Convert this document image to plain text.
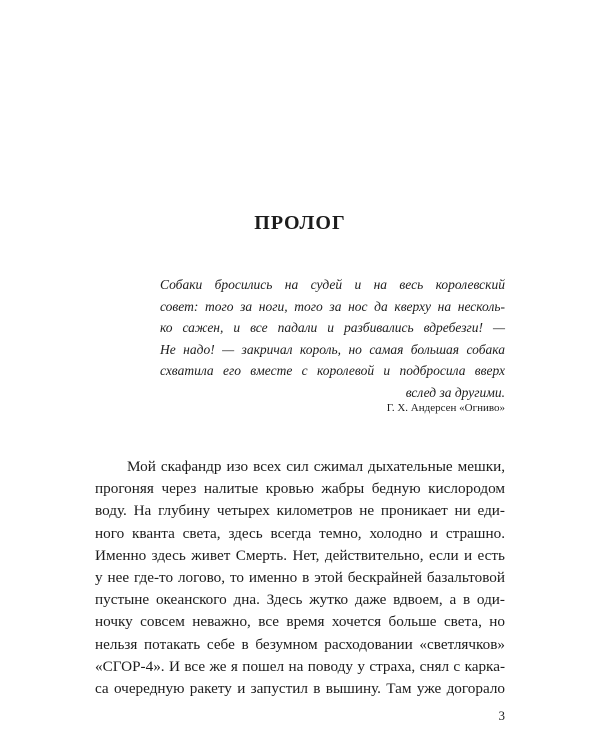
ПРОЛОГ
Собаки бросились на судей и на весь королевский
совет: того за ноги, того за нос да кверху на несколь-
ко сажен, и все падали и разбивались вдребезги! —
Не надо! — закричал король, но самая большая собака
схватила его вместе с королевой и подбросила вверх
вслед за другими.
Г. Х. Андерсен «Огниво»
Мой скафандр изо всех сил сжимал дыхательные мешки,
прогоняя через налитые кровью жабры бедную кислородом
воду. На глубину четырех километров не проникает ни еди-
ного кванта света, здесь всегда темно, холодно и страшно.
Именно здесь живет Смерть. Нет, действительно, если и есть
у нее где-то логово, то именно в этой бескрайней базальтовой
пустыне океанского дна. Здесь жутко даже вдвоем, а в оди-
ночку совсем неважно, все время хочется больше света, но
нельзя потакать себе в безумном расходовании «светлячков»
«СГОР-4». И все же я пошел на поводу у страха, снял с карка-
са очередную ракету и запустил в вышину. Там уже догорало
3
